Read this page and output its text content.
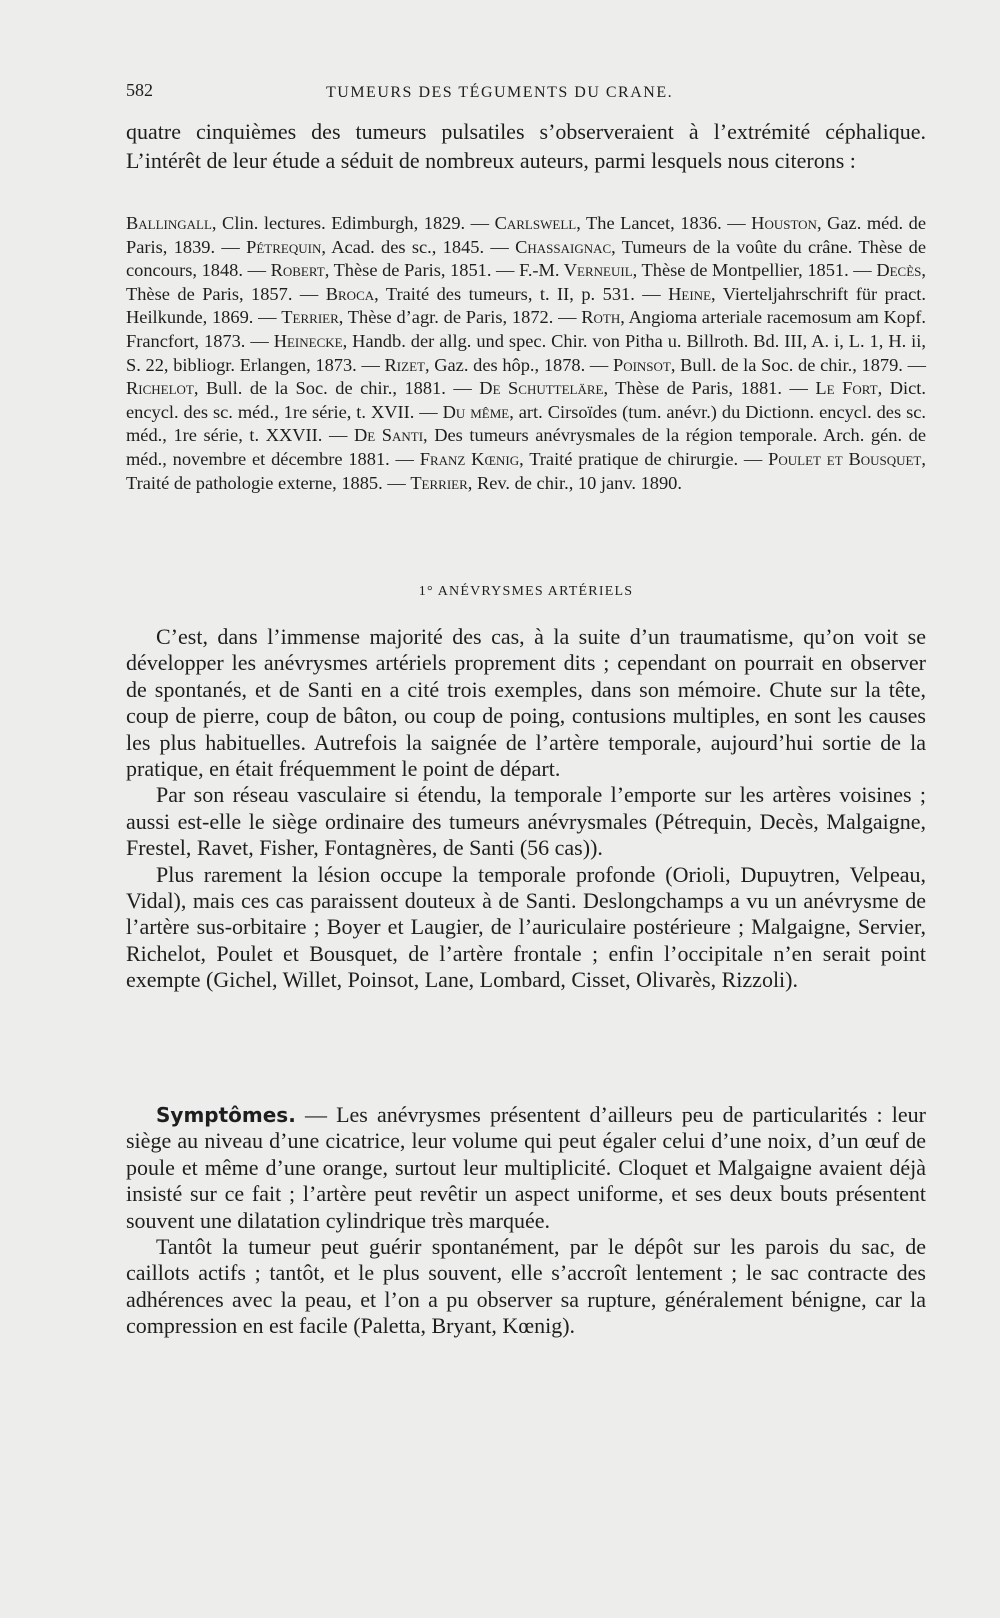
582	TUMEURS DES TÉGUMENTS DU CRANE.

quatre cinquièmes des tumeurs pulsatiles s’observeraient à l’extrémité céphalique. L’intérêt de leur étude a séduit de nombreux auteurs, parmi lesquels nous citerons :

Ballingall, Clin. lectures. Edimburgh, 1829. — Carlswell, The Lancet, 1836. — Houston, Gaz. méd. de Paris, 1839. — Pétrequin, Acad. des sc., 1845. — Chassaignac, Tumeurs de la voûte du crâne. Thèse de concours, 1848. — Robert, Thèse de Paris, 1851. — F.-M. Verneuil, Thèse de Montpellier, 1851. — Decès, Thèse de Paris, 1857. — Broca, Traité des tumeurs, t. II, p. 531. — Heine, Vierteljahrschrift für pract. Heilkunde, 1869. — Terrier, Thèse d’agr. de Paris, 1872. — Roth, Angioma arteriale racemosum am Kopf. Francfort, 1873. — Heinecke, Handb. der allg. und spec. Chir. von Pitha u. Billroth. Bd. III, A. i, L. 1, H. ii, S. 22, bibliogr. Erlangen, 1873. — Rizet, Gaz. des hôp., 1878. — Poinsot, Bull. de la Soc. de chir., 1879. — Richelot, Bull. de la Soc. de chir., 1881. — De Schutteläre, Thèse de Paris, 1881. — Le Fort, Dict. encycl. des sc. méd., 1re série, t. XVII. — Du même, art. Cirsoïdes (tum. anévr.) du Dictionn. encycl. des sc. méd., 1re série, t. XXVII. — De Santi, Des tumeurs anévrysmales de la région temporale. Arch. gén. de méd., novembre et décembre 1881. — Franz Kœnig, Traité pratique de chirurgie. — Poulet et Bousquet, Traité de pathologie externe, 1885. — Terrier, Rev. de chir., 10 janv. 1890.

1° ANÉVRYSMES ARTÉRIELS

C’est, dans l’immense majorité des cas, à la suite d’un traumatisme, qu’on voit se développer les anévrysmes artériels proprement dits ; cependant on pourrait en observer de spontanés, et de Santi en a cité trois exemples, dans son mémoire. Chute sur la tête, coup de pierre, coup de bâton, ou coup de poing, contusions multiples, en sont les causes les plus habituelles. Autrefois la saignée de l’artère temporale, aujourd’hui sortie de la pratique, en était fréquemment le point de départ.

Par son réseau vasculaire si étendu, la temporale l’emporte sur les artères voisines ; aussi est-elle le siège ordinaire des tumeurs anévrysmales (Pétrequin, Decès, Malgaigne, Frestel, Ravet, Fisher, Fontagnères, de Santi (56 cas)).

Plus rarement la lésion occupe la temporale profonde (Orioli, Dupuytren, Velpeau, Vidal), mais ces cas paraissent douteux à de Santi. Deslongchamps a vu un anévrysme de l’artère sus-orbitaire ; Boyer et Laugier, de l’auriculaire postérieure ; Malgaigne, Servier, Richelot, Poulet et Bousquet, de l’artère frontale ; enfin l’occipitale n’en serait point exempte (Gichel, Willet, Poinsot, Lane, Lombard, Cisset, Olivarès, Rizzoli).

Symptômes. — Les anévrysmes présentent d’ailleurs peu de particularités : leur siège au niveau d’une cicatrice, leur volume qui peut égaler celui d’une noix, d’un œuf de poule et même d’une orange, surtout leur multiplicité. Cloquet et Malgaigne avaient déjà insisté sur ce fait ; l’artère peut revêtir un aspect uniforme, et ses deux bouts présentent souvent une dilatation cylindrique très marquée.

Tantôt la tumeur peut guérir spontanément, par le dépôt sur les parois du sac, de caillots actifs ; tantôt, et le plus souvent, elle s’accroît lentement ; le sac contracte des adhérences avec la peau, et l’on a pu observer sa rupture, généralement bénigne, car la compression en est facile (Paletta, Bryant, Kœnig).
